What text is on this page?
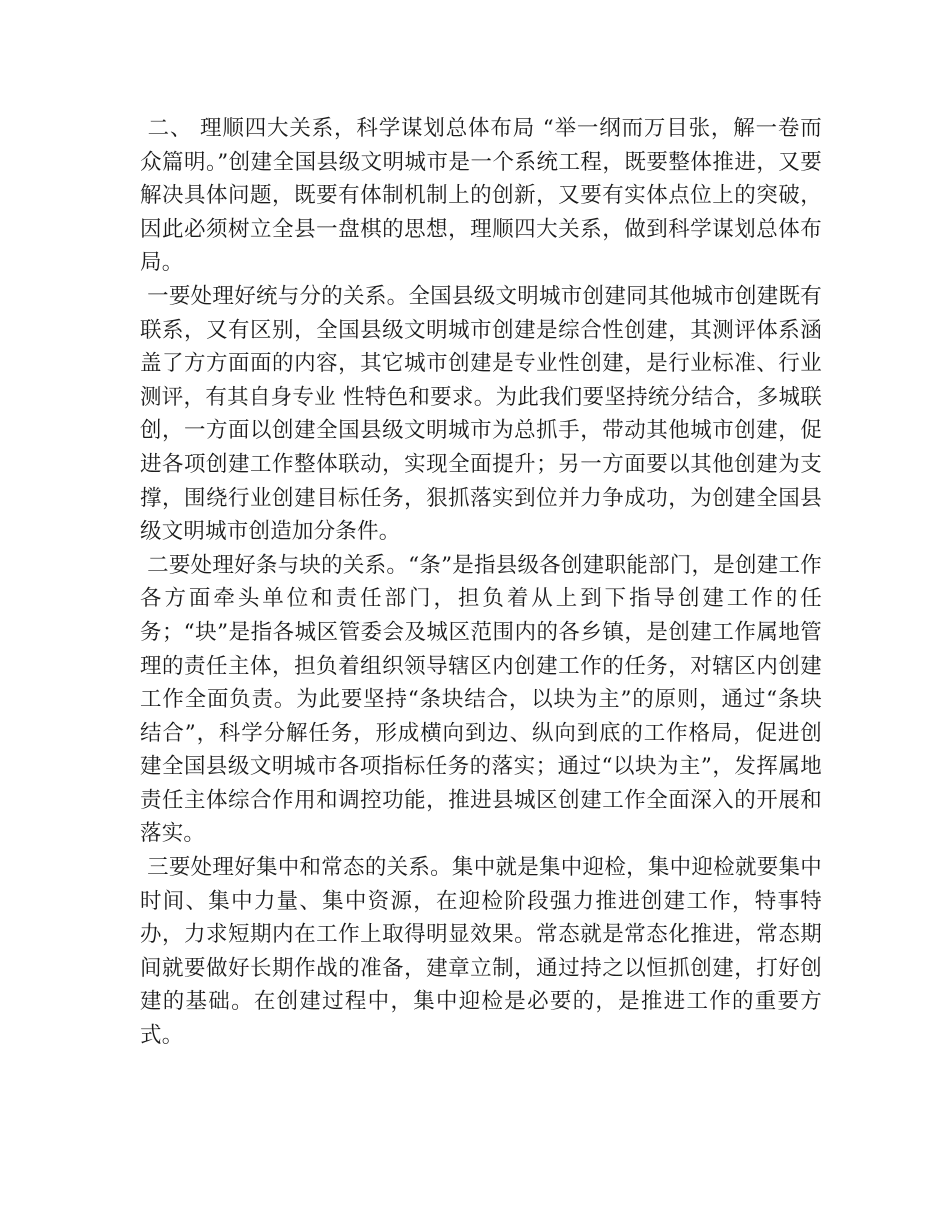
二、 理顺四大关系，科学谋划总体布局 “举一纲而万目张，解一卷而众篇明。”创建全国县级文明城市是一个系统工程，既要整体推进，又要解决具体问题，既要有体制机制上的创新，又要有实体点位上的突破，因此必须树立全县一盘棋的思想，理顺四大关系，做到科学谋划总体布局。

一要处理好统与分的关系。全国县级文明城市创建同其他城市创建既有联系，又有区别，全国县级文明城市创建是综合性创建，其测评体系涵盖了方方面面的内容，其它城市创建是专业性创建，是行业标准、行业测评，有其自身专业 性特色和要求。为此我们要坚持统分结合，多城联创，一方面以创建全国县级文明城市为总抓手，带动其他城市创建，促进各项创建工作整体联动，实现全面提升；另一方面要以其他创建为支撑，围绕行业创建目标任务，狠抓落实到位并力争成功，为创建全国县级文明城市创造加分条件。

二要处理好条与块的关系。“条”是指县级各创建职能部门，是创建工作各方面牵头单位和责任部门，担负着从上到下指导创建工作的任务；“块”是指各城区管委会及城区范围内的各乡镇，是创建工作属地管理的责任主体，担负着组织领导辖区内创建工作的任务，对辖区内创建工作全面负责。为此要坚持“条块结合，以块为主”的原则，通过“条块结合”，科学分解任务，形成横向到边、纵向到底的工作格局，促进创建全国县级文明城市各项指标任务的落实；通过“以块为主”，发挥属地责任主体综合作用和调控功能，推进县城区创建工作全面深入的开展和落实。

三要处理好集中和常态的关系。集中就是集中迎检，集中迎检就要集中时间、集中力量、集中资源，在迎检阶段强力推进创建工作，特事特办，力求短期内在工作上取得明显效果。常态就是常态化推进，常态期间就要做好长期作战的准备，建章立制，通过持之以恒抓创建，打好创建的基础。在创建过程中，集中迎检是必要的，是推进工作的重要方式。
